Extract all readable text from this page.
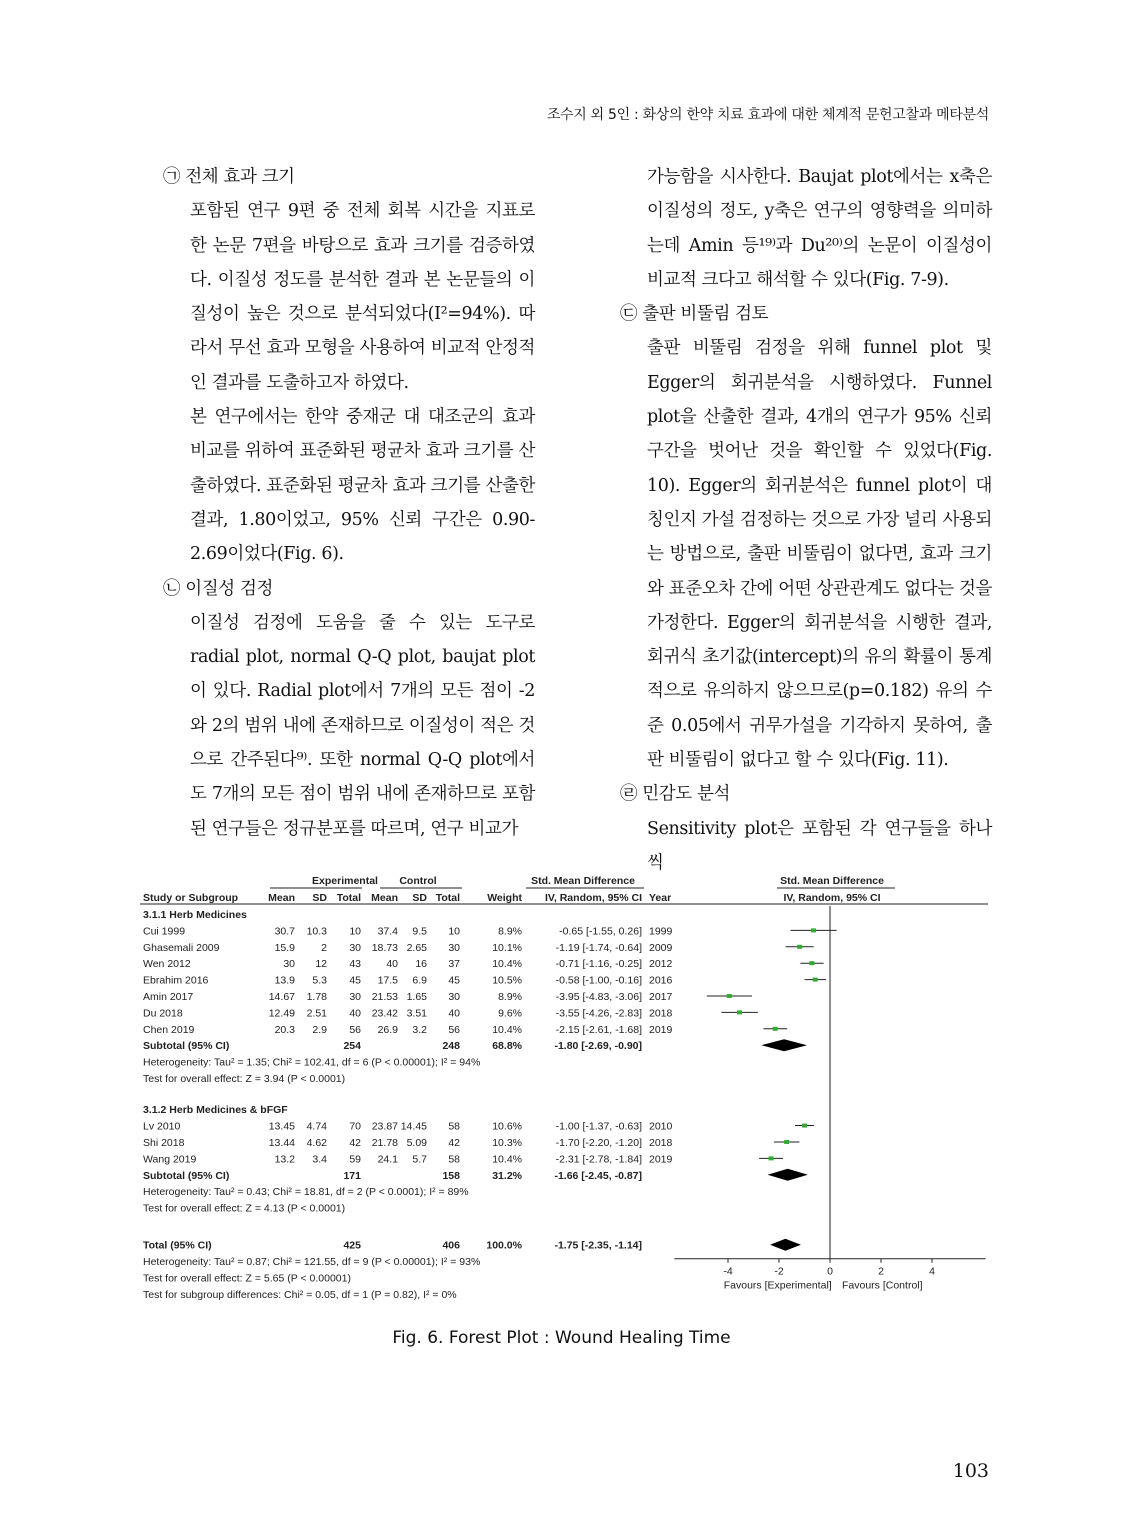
조수지 외 5인 : 화상의 한약 치료 효과에 대한 체계적 문헌고찰과 메타분석

㉠ 전체 효과 크기

포함된 연구 9편 중 전체 회복 시간을 지표로 한 논문 7편을 바탕으로 효과 크기를 검증하였다. 이질성 정도를 분석한 결과 본 논문들의 이질성이 높은 것으로 분석되었다(I²=94%). 따라서 무선 효과 모형을 사용하여 비교적 안정적인 결과를 도출하고자 하였다.

본 연구에서는 한약 중재군 대 대조군의 효과 비교를 위하여 표준화된 평균차 효과 크기를 산출하였다. 표준화된 평균차 효과 크기를 산출한 결과, 1.80이었고, 95% 신뢰 구간은 0.90-2.69이었다(Fig. 6).

㉡ 이질성 검정

이질성 검정에 도움을 줄 수 있는 도구로 radial plot, normal Q-Q plot, baujat plot이 있다. Radial plot에서 7개의 모든 점이 -2와 2의 범위 내에 존재하므로 이질성이 적은 것으로 간주된다⁹⁾. 또한 normal Q-Q plot에서도 7개의 모든 점이 범위 내에 존재하므로 포함된 연구들은 정규분포를 따르며, 연구 비교가

가능함을 시사한다. Baujat plot에서는 x축은 이질성의 정도, y축은 연구의 영향력을 의미하는데 Amin 등¹⁹⁾과 Du²⁰⁾의 논문이 이질성이 비교적 크다고 해석할 수 있다(Fig. 7-9).

㉢ 출판 비뚤림 검토

출판 비뚤림 검정을 위해 funnel plot 및 Egger의 회귀분석을 시행하였다. Funnel plot을 산출한 결과, 4개의 연구가 95% 신뢰구간을 벗어난 것을 확인할 수 있었다(Fig. 10). Egger의 회귀분석은 funnel plot이 대칭인지 가설 검정하는 것으로 가장 널리 사용되는 방법으로, 출판 비뚤림이 없다면, 효과 크기와 표준오차 간에 어떤 상관관계도 없다는 것을 가정한다. Egger의 회귀분석을 시행한 결과, 회귀식 초기값(intercept)의 유의 확률이 통계적으로 유의하지 않으므로(p=0.182) 유의 수준 0.05에서 귀무가설을 기각하지 못하여, 출판 비뚤림이 없다고 할 수 있다(Fig. 11).

㉣ 민감도 분석

Sensitivity plot은 포함된 각 연구들을 하나씩

Experimental Control	Std. Mean Difference	Std. Mean Difference
Study or Subgroup	Mean SD Total Mean SD Total	Weight IV, Random, 95% CI Year	IV, Random, 95% CI
3.1.1 Herb Medicines
Cui 1999	30.7 10.3 10 37.4 9.5 10	8.9%	-0.65 [-1.55, 0.26] 1999
Ghasemali 2009	15.9 2 30 18.73 2.65 30	10.1%	-1.19 [-1.74, -0.64] 2009
Wen 2012	30 12 43 40 16 37	10.4%	-0.71 [-1.16, -0.25] 2012
Ebrahim 2016	13.9 5.3 45 17.5 6.9 45	10.5%	-0.58 [-1.00, -0.16] 2016
Amin 2017	14.67 1.78 30 21.53 1.65 30	8.9%	-3.95 [-4.83, -3.06] 2017
Du 2018	12.49 2.51 40 23.42 3.51 40	9.6%	-3.55 [-4.26, -2.83] 2018
Chen 2019	20.3 2.9 56 26.9 3.2 56	10.4%	-2.15 [-2.61, -1.68] 2019
Subtotal (95% CI)	254	248	68.8%	-1.80 [-2.69, -0.90]
Heterogeneity: Tau² = 1.35; Chi² = 102.41, df = 6 (P < 0.00001); I² = 94%
Test for overall effect: Z = 3.94 (P < 0.0001)
3.1.2 Herb Medicines & bFGF
Lv 2010	13.45 4.74 70 23.87 14.45 58	10.6%	-1.00 [-1.37, -0.63] 2010
Shi 2018	13.44 4.62 42 21.78 5.09 42	10.3%	-1.70 [-2.20, -1.20] 2018
Wang 2019	13.2 3.4 59 24.1 5.7 58	10.4%	-2.31 [-2.78, -1.84] 2019
Subtotal (95% CI)	171	158	31.2%	-1.66 [-2.45, -0.87]
Heterogeneity: Tau² = 0.43; Chi² = 18.81, df = 2 (P < 0.0001); I² = 89%
Test for overall effect: Z = 4.13 (P < 0.0001)
Total (95% CI)	425	406	100.0%	-1.75 [-2.35, -1.14]
Heterogeneity: Tau² = 0.87; Chi² = 121.55, df = 9 (P < 0.00001); I² = 93%
Test for overall effect: Z = 5.65 (P < 0.00001)
Test for subgroup differences: Chi² = 0.05, df = 1 (P = 0.82), I² = 0%
-4	-2	0	2	4
Favours [Experimental] Favours [Control]
Fig. 6. Forest Plot : Wound Healing Time
103
